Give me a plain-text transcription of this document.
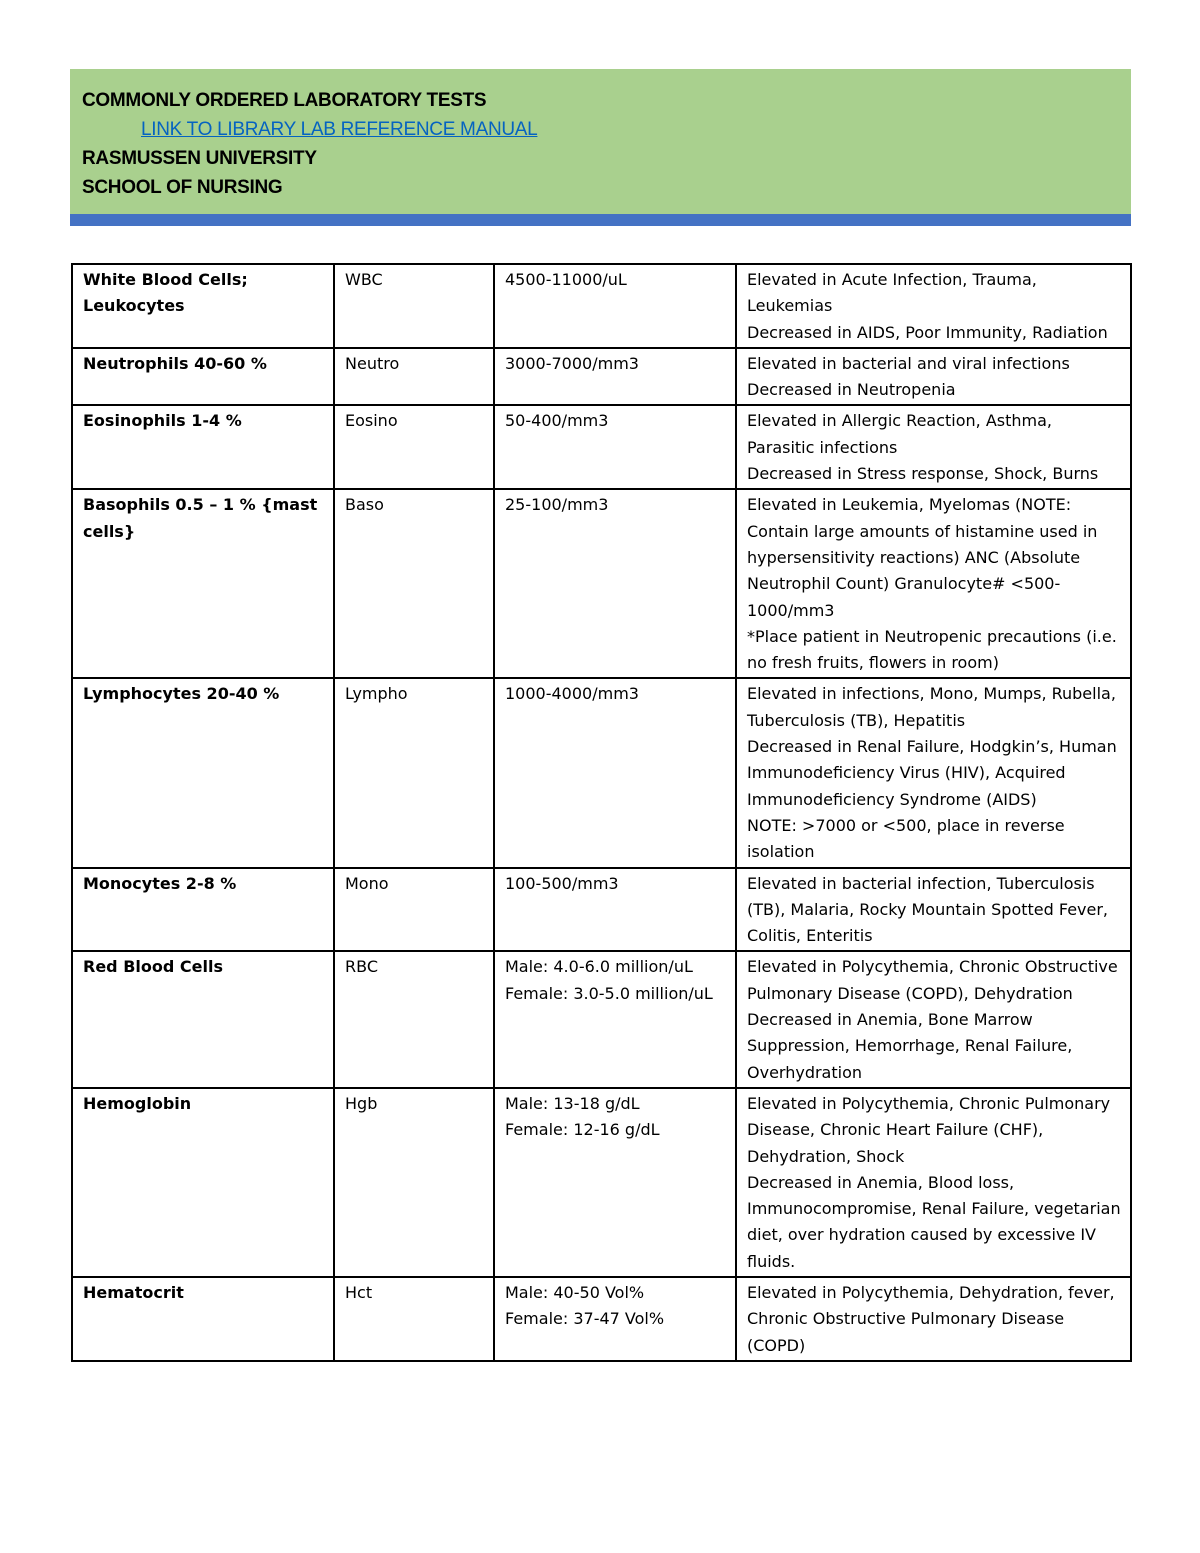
COMMONLY ORDERED LABORATORY TESTS
LINK TO LIBRARY LAB REFERENCE MANUAL
RASMUSSEN UNIVERSITY
SCHOOL OF NURSING
White Blood Cells;
Leukocytes	WBC	4500-11000/uL	Elevated in Acute Infection, Trauma, Leukemias
Decreased in AIDS, Poor Immunity, Radiation
Neutrophils 40-60 %	Neutro	3000-7000/mm3	Elevated in bacterial and viral infections
Decreased in Neutropenia
Eosinophils 1-4 %	Eosino	50-400/mm3	Elevated in Allergic Reaction, Asthma, Parasitic infections
Decreased in Stress response, Shock, Burns
Basophils 0.5 – 1 % {mast cells}	Baso	25-100/mm3	Elevated in Leukemia, Myelomas (NOTE: Contain large amounts of histamine used in hypersensitivity reactions) ANC (Absolute Neutrophil Count) Granulocyte# <500-1000/mm3
*Place patient in Neutropenic precautions (i.e. no fresh fruits, flowers in room)
Lymphocytes 20-40 %	Lympho	1000-4000/mm3	Elevated in infections, Mono, Mumps, Rubella, Tuberculosis (TB), Hepatitis
Decreased in Renal Failure, Hodgkin’s, Human Immunodeficiency Virus (HIV), Acquired Immunodeficiency Syndrome (AIDS)
NOTE: >7000 or <500, place in reverse isolation
Monocytes 2-8 %	Mono	100-500/mm3	Elevated in bacterial infection, Tuberculosis (TB), Malaria, Rocky Mountain Spotted Fever, Colitis, Enteritis
Red Blood Cells	RBC	Male: 4.0-6.0 million/uL
Female: 3.0-5.0 million/uL	Elevated in Polycythemia, Chronic Obstructive Pulmonary Disease (COPD), Dehydration
Decreased in Anemia, Bone Marrow Suppression, Hemorrhage, Renal Failure, Overhydration
Hemoglobin	Hgb	Male: 13-18 g/dL
Female: 12-16 g/dL	Elevated in Polycythemia, Chronic Pulmonary Disease, Chronic Heart Failure (CHF), Dehydration, Shock
Decreased in Anemia, Blood loss, Immunocompromise, Renal Failure, vegetarian diet, over hydration caused by excessive IV fluids.
Hematocrit	Hct	Male: 40-50 Vol%
Female: 37-47 Vol%	Elevated in Polycythemia, Dehydration, fever, Chronic Obstructive Pulmonary Disease (COPD)
